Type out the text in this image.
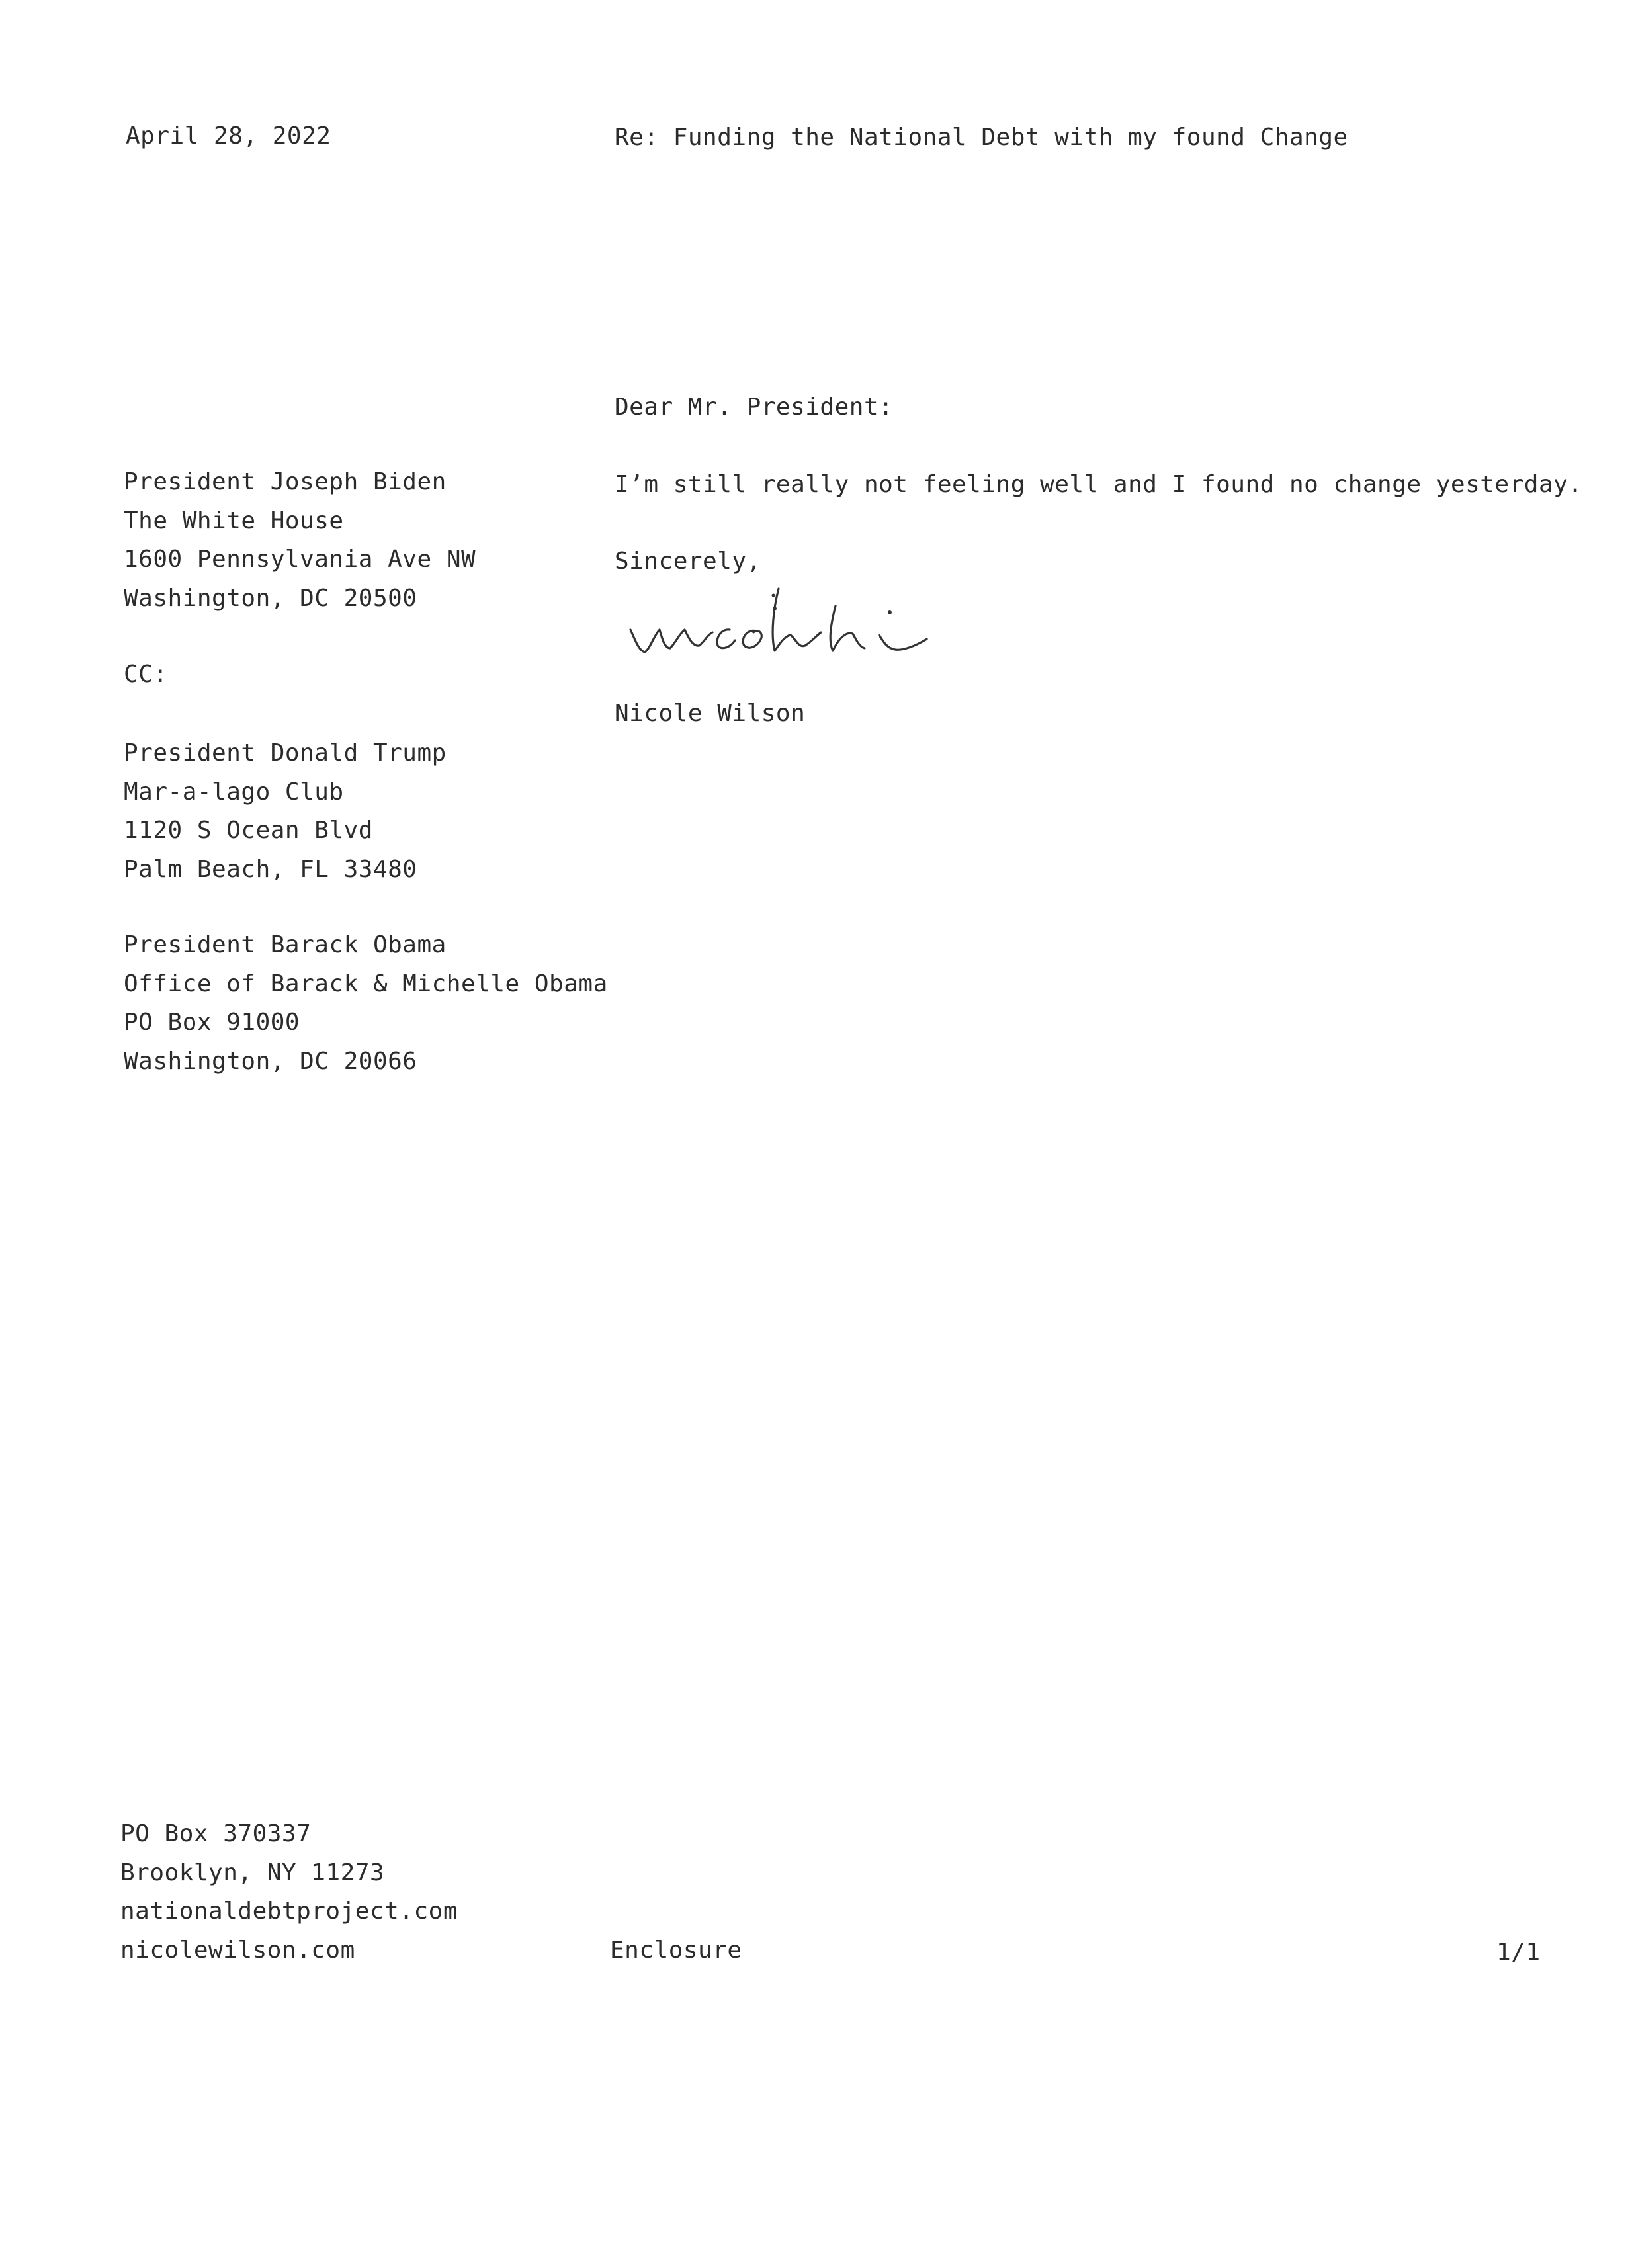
April 28, 2022	Re: Funding the National Debt with my found Change
Dear Mr. President:
President Joseph Biden
The White House
1600 Pennsylvania Ave NW
Washington, DC 20500
I’m still really not feeling well and I found no change yesterday.
Sincerely,
Nicole Wilson
CC:
President Donald Trump
Mar-a-lago Club
1120 S Ocean Blvd
Palm Beach, FL 33480
President Barack Obama
Office of Barack & Michelle Obama
PO Box 91000
Washington, DC 20066
PO Box 370337
Brooklyn, NY 11273
nationaldebtproject.com
nicolewilson.com	Enclosure	1/1
